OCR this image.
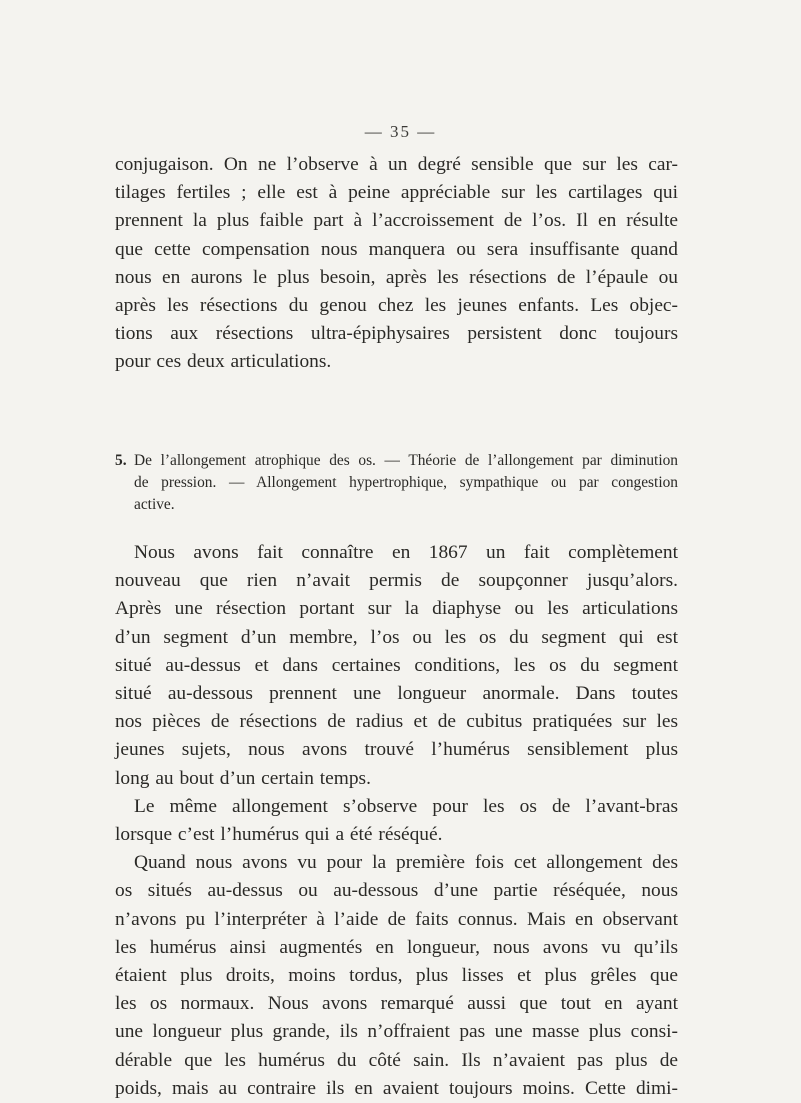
— 35 —
conjugaison. On ne l’observe à un degré sensible que sur les car-
tilages fertiles ; elle est à peine appréciable sur les cartilages qui
prennent la plus faible part à l’accroissement de l’os. Il en résulte
que cette compensation nous manquera ou sera insuffisante quand
nous en aurons le plus besoin, après les résections de l’épaule ou
après les résections du genou chez les jeunes enfants. Les objec-
tions aux résections ultra-épiphysaires persistent donc toujours
pour ces deux articulations.
5. De l’allongement atrophique des os. — Théorie de l’allongement par diminution
de pression. — Allongement hypertrophique, sympathique ou par congestion
active.
Nous avons fait connaître en 1867 un fait complètement
nouveau que rien n’avait permis de soupçonner jusqu’alors.
Après une résection portant sur la diaphyse ou les articulations
d’un segment d’un membre, l’os ou les os du segment qui est
situé au-dessus et dans certaines conditions, les os du segment
situé au-dessous prennent une longueur anormale. Dans toutes
nos pièces de résections de radius et de cubitus pratiquées sur les
jeunes sujets, nous avons trouvé l’humérus sensiblement plus
long au bout d’un certain temps.
Le même allongement s’observe pour les os de l’avant-bras
lorsque c’est l’humérus qui a été réséqué.
Quand nous avons vu pour la première fois cet allongement des
os situés au-dessus ou au-dessous d’une partie réséquée, nous
n’avons pu l’interpréter à l’aide de faits connus. Mais en observant
les humérus ainsi augmentés en longueur, nous avons vu qu’ils
étaient plus droits, moins tordus, plus lisses et plus grêles que
les os normaux. Nous avons remarqué aussi que tout en ayant
une longueur plus grande, ils n’offraient pas une masse plus consi-
dérable que les humérus du côté sain. Ils n’avaient pas plus de
poids, mais au contraire ils en avaient toujours moins. Cette dimi-
